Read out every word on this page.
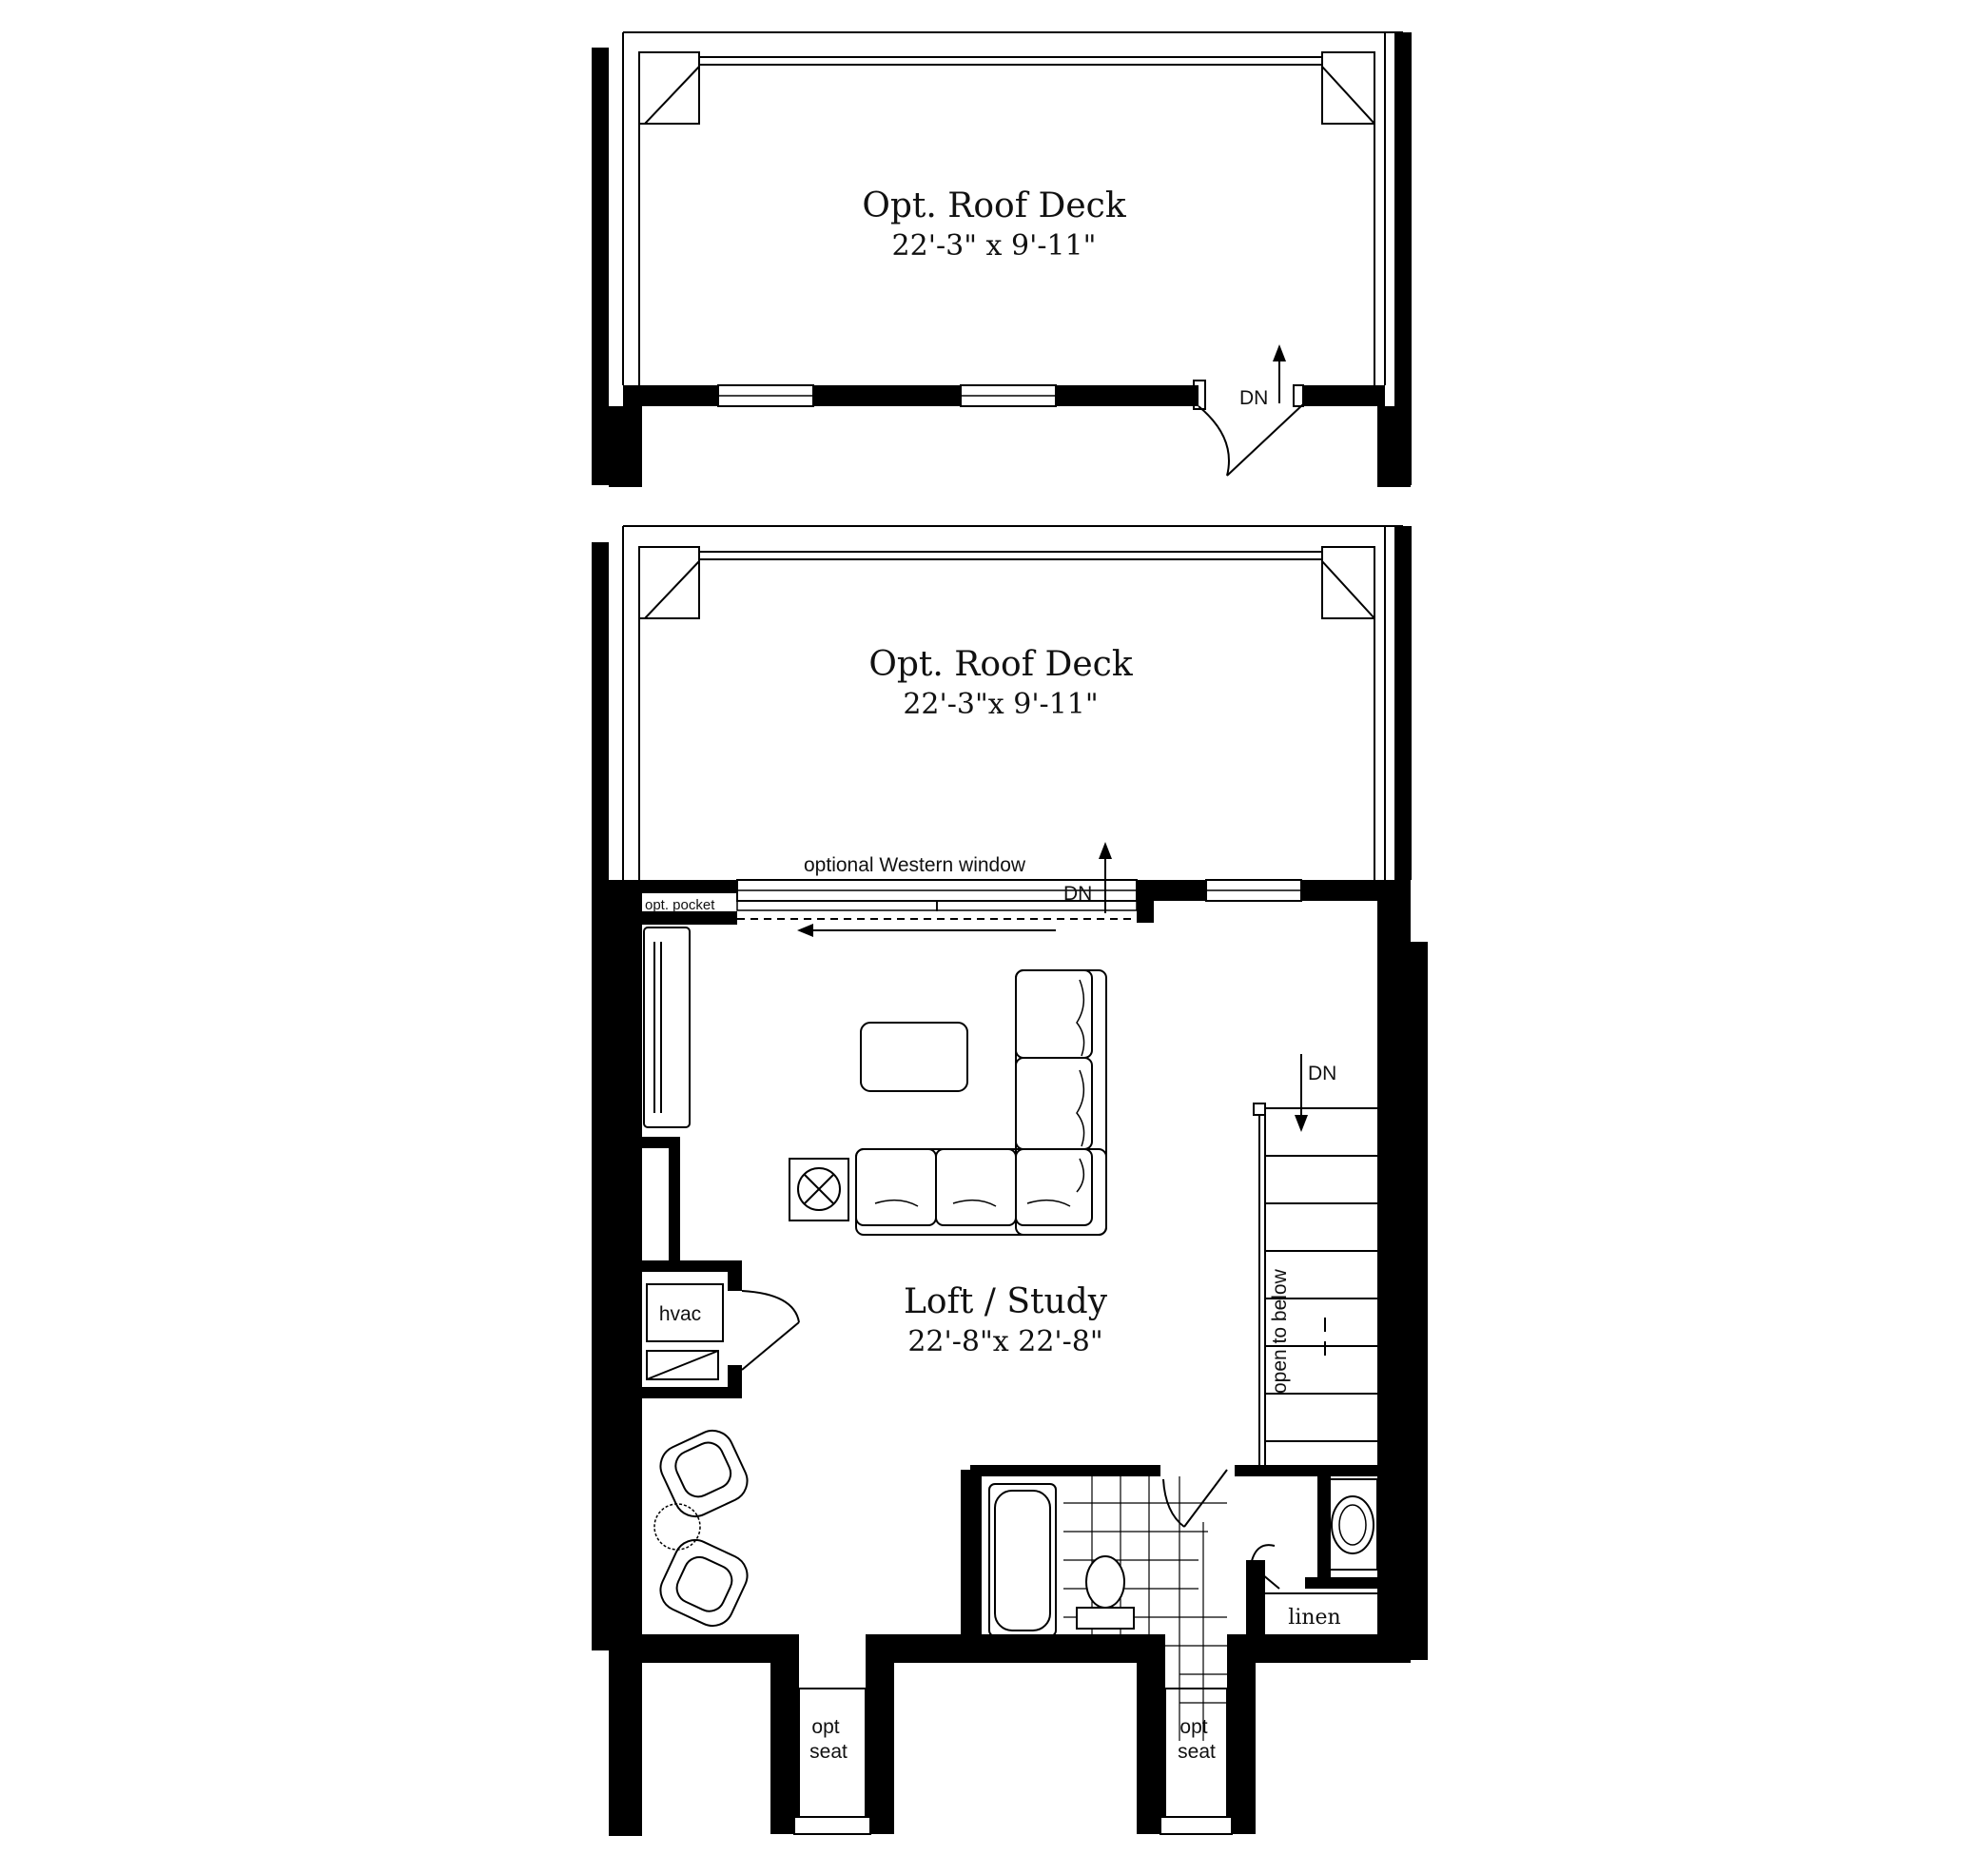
DN
Opt. Roof Deck
22'-3" x 9'-11"
Opt. Roof Deck
22'-3"x 9'-11"
opt. pocket
optional Western window
DN
opt
seat
opt
seat
hvac	Loft / Study
22'-8"x 22'-8"
DN
open to below
linen
